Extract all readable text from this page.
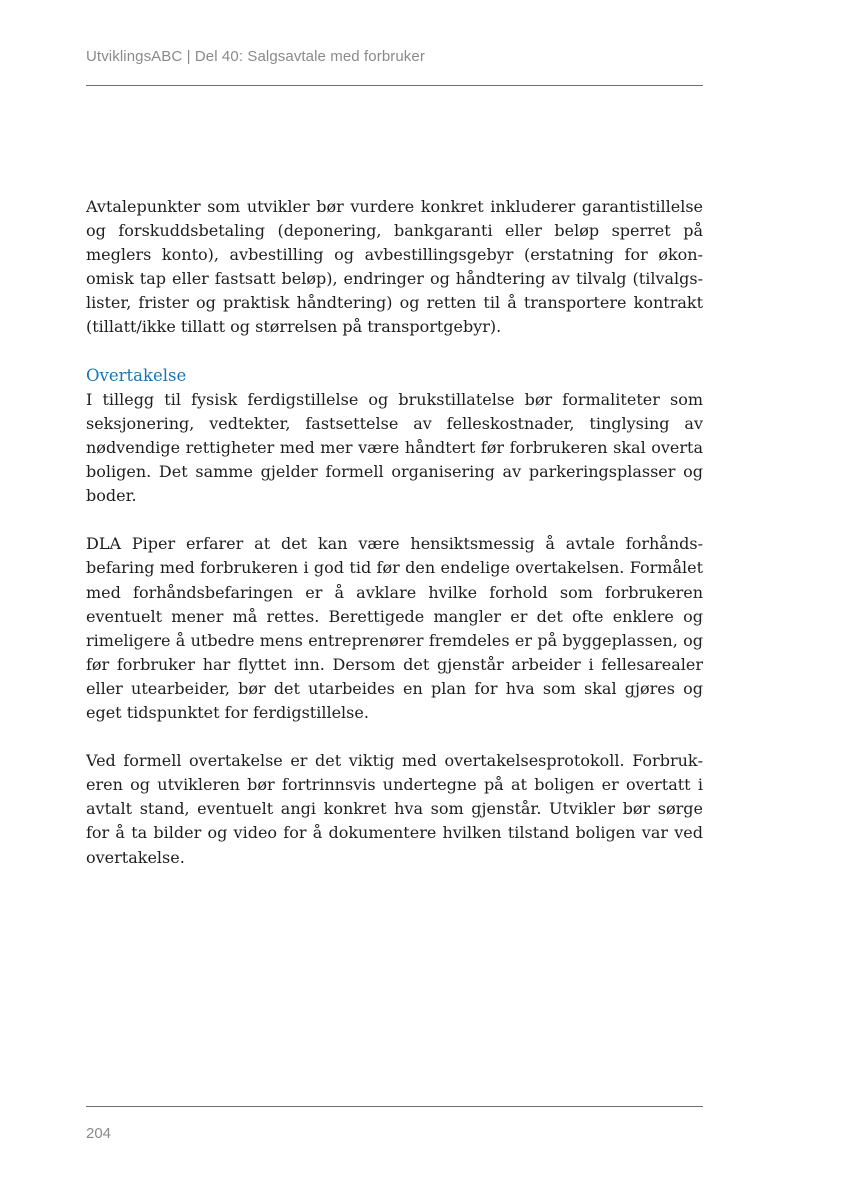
UtviklingsABC | Del 40: Salgsavtale med forbruker

Avtalepunkter som utvikler bør vurdere konkret inkluderer garantistillelse og forskuddsbetaling (deponering, bankgaranti eller beløp sperret på meglers konto), avbestilling og avbestillingsgebyr (erstatning for økonomisk tap eller fastsatt beløp), endringer og håndtering av tilvalg (tilvalgslister, frister og praktisk håndtering) og retten til å transportere kontrakt (tillatt/ikke tillatt og størrelsen på transportgebyr).

Overtakelse

I tillegg til fysisk ferdigstillelse og brukstillatelse bør formaliteter som seksjonering, vedtekter, fastsettelse av felleskostnader, tinglysing av nødvendige rettigheter med mer være håndtert før forbrukeren skal overta boligen. Det samme gjelder formell organisering av parkeringsplasser og boder.

DLA Piper erfarer at det kan være hensiktsmessig å avtale forhåndsbefaring med forbrukeren i god tid før den endelige overtakelsen. Formålet med forhåndsbefaringen er å avklare hvilke forhold som forbrukeren eventuelt mener må rettes. Berettigede mangler er det ofte enklere og rimeligere å utbedre mens entreprenører fremdeles er på byggeplassen, og før forbruker har flyttet inn. Dersom det gjenstår arbeider i fellesarealer eller utearbeider, bør det utarbeides en plan for hva som skal gjøres og eget tidspunktet for ferdigstillelse.

Ved formell overtakelse er det viktig med overtakelsesprotokoll. Forbrukeren og utvikleren bør fortrinnsvis undertegne på at boligen er overtatt i avtalt stand, eventuelt angi konkret hva som gjenstår. Utvikler bør sørge for å ta bilder og video for å dokumentere hvilken tilstand boligen var ved overtakelse.

204
